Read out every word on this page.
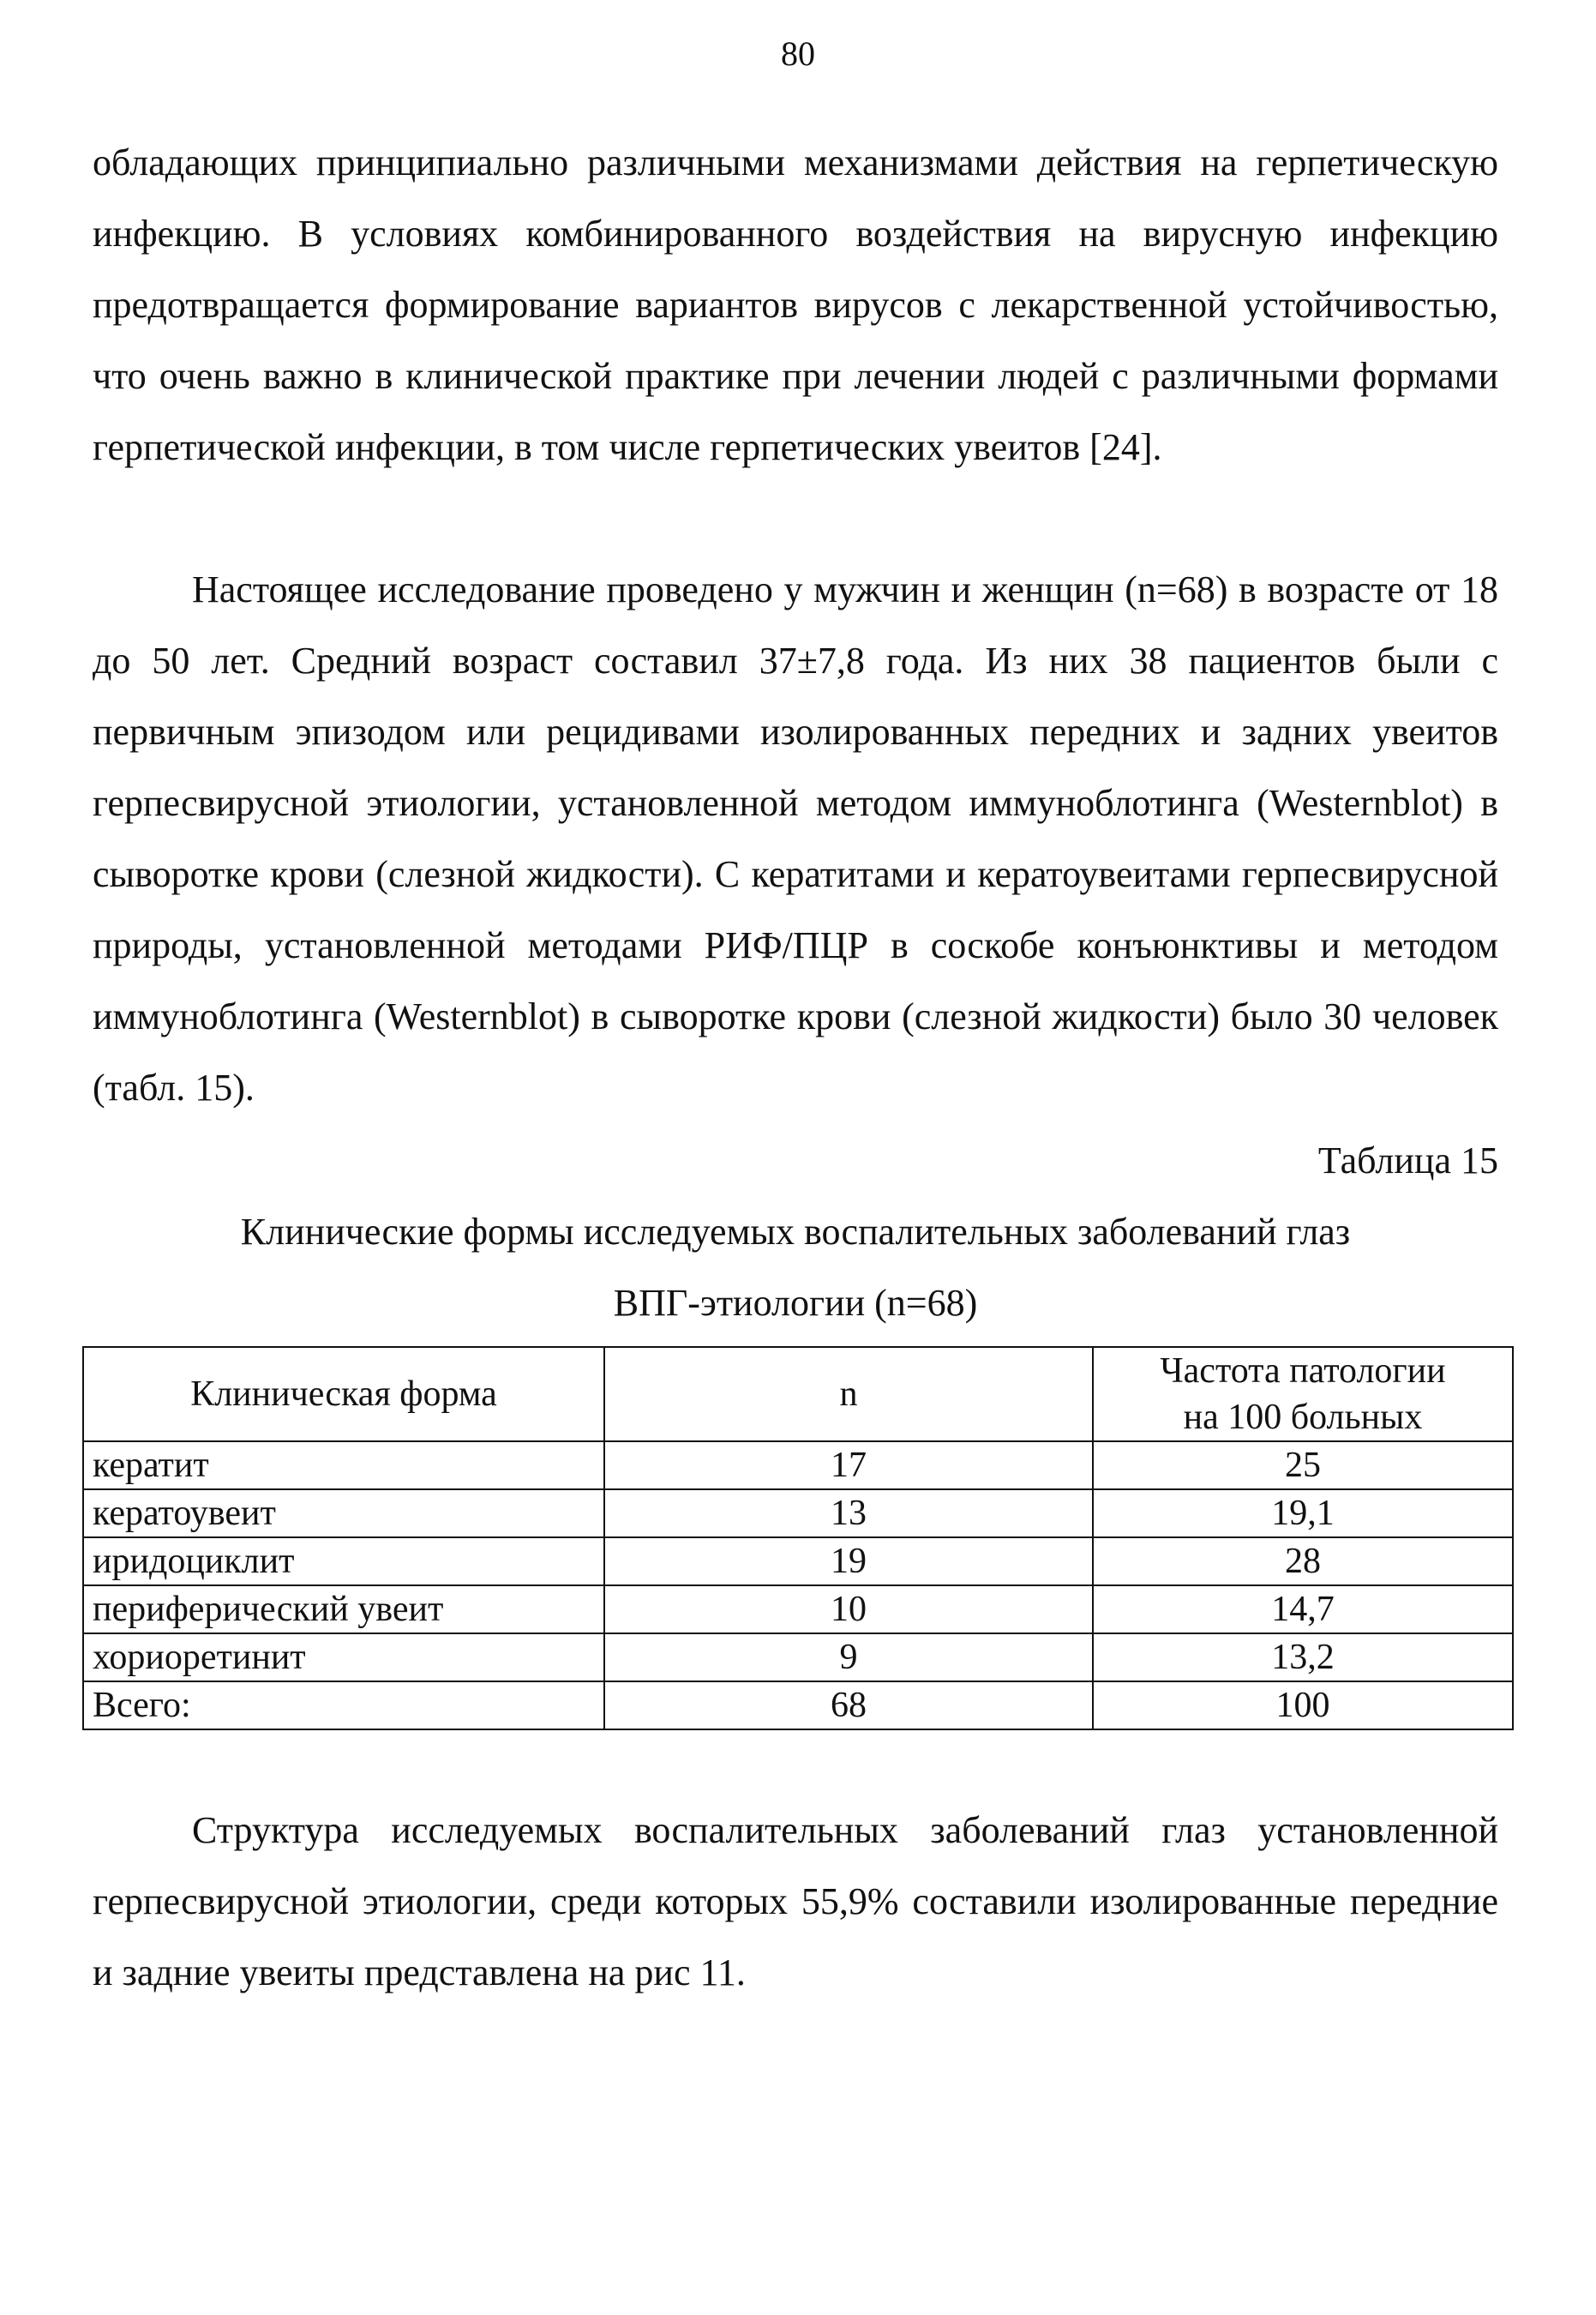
80

обладающих принципиально различными механизмами действия на герпетическую инфекцию. В условиях комбинированного воздействия на вирусную инфекцию предотвращается формирование вариантов вирусов с лекарственной устойчивостью, что очень важно в клинической практике при лечении людей с различными формами герпетической инфекции, в том числе герпетических увеитов [24].

Настоящее исследование проведено у мужчин и женщин (n=68) в возрасте от 18 до 50 лет. Средний возраст составил 37±7,8 года. Из них 38 пациентов были с первичным эпизодом или рецидивами изолированных передних и задних увеитов герпесвирусной этиологии, установленной методом иммуноблотинга (Westernblot) в сыворотке крови (слезной жидкости). С кератитами и кератоувеитами герпесвирусной природы, установленной методами РИФ/ПЦР в соскобе конъюнктивы и методом иммуноблотинга (Westernblot) в сыворотке крови (слезной жидкости) было 30 человек (табл. 15).

Таблица 15
Клинические формы исследуемых воспалительных заболеваний глаз
ВПГ-этиологии (n=68)
Клиническая форма	n	Частота патологии
на 100 больных

кератит	17	25
кератоувеит	13	19,1
иридоциклит	19	28
периферический увеит	10	14,7
хориоретинит	9	13,2
Всего:	68	100

Структура исследуемых воспалительных заболеваний глаз установленной герпесвирусной этиологии, среди которых 55,9% составили изолированные передние и задние увеиты представлена на рис 11.
